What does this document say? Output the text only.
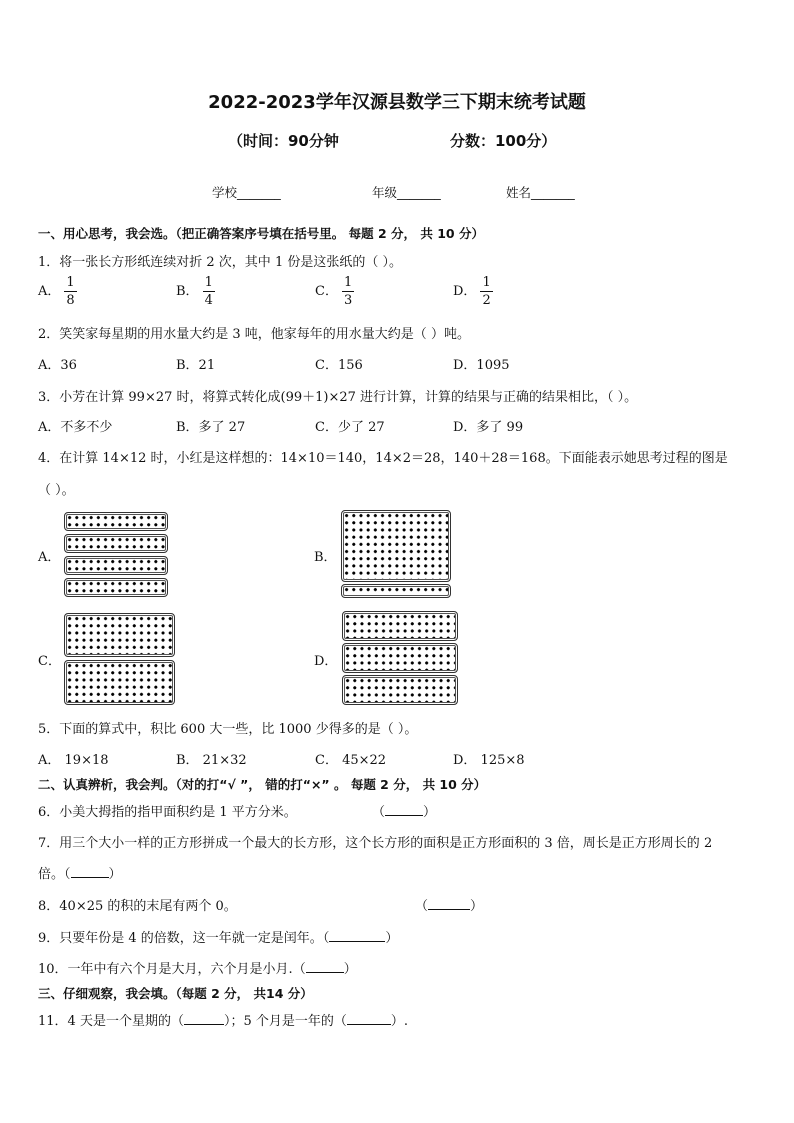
2022-2023学年汉源县数学三下期末统考试题
（时间：90分钟	分数：100分）
学校_______	年级_______	姓名_______
一、用心思考，我会选。（把正确答案序号填在括号里。 每题 2 分， 共 10 分）
1．将一张长方形纸连续对折 2 次，其中 1 份是这张纸的（ ）。
A． $\frac{1}{8}$	B． $\frac{1}{4}$	C． $\frac{1}{3}$	D． $\frac{1}{2}$
2．笑笑家每星期的用水量大约是 3 吨，他家每年的用水量大约是（ ）吨。
A．36	B．21	C．156	D．1095
3．小芳在计算 99×27 时，将算式转化成(99＋1)×27 进行计算，计算的结果与正确的结果相比，（ ）。
A．不多不少	B．多了 27	C．少了 27	D．多了 99
4．在计算 14×12 时，小红是这样想的：14×10＝140，14×2＝28，140＋28＝168。下面能表示她思考过程的图是
（ ）。
A．	B．
C．	D．
5．下面的算式中，积比 600 大一些，比 1000 少得多的是（ ）。
A． 19×18	B． 21×32	C． 45×22	D． 125×8
二、认真辨析，我会判。（对的打“√ ”， 错的打“×” 。 每题 2 分， 共 10 分）
6．小美大拇指的指甲面积约是 1 平方分米。	（	）
7．用三个大小一样的正方形拼成一个最大的长方形，这个长方形的面积是正方形面积的 3 倍，周长是正方形周长的 2
倍。（	）
8．40×25 的积的末尾有两个 0。	（	）
9．只要年份是 4 的倍数，这一年就一定是闰年。（	）
10．一年中有六个月是大月，六个月是小月.（	）
三、仔细观察，我会填。（每题 2 分， 共14 分）
11．4 天是一个星期的（	）；5 个月是一年的（	）.
